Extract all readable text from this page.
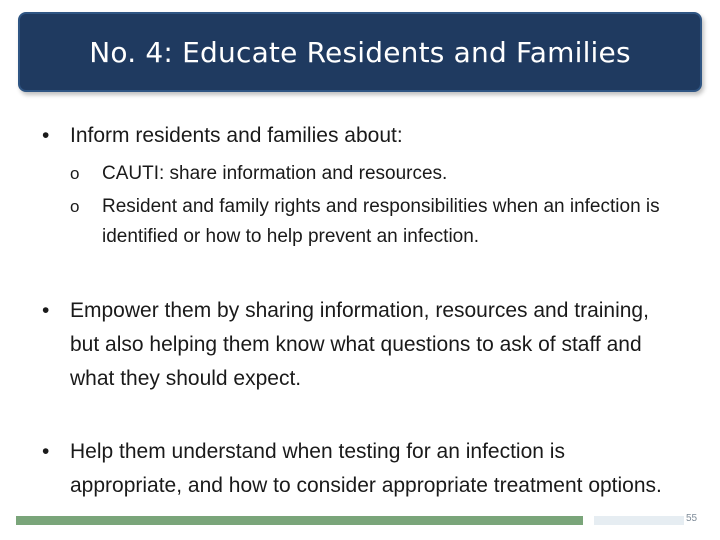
No. 4: Educate Residents and Families
• Inform residents and families about:
o CAUTI: share information and resources.
o Resident and family rights and responsibilities when an infection is identified or how to help prevent an infection.
• Empower them by sharing information, resources and training, but also helping them know what questions to ask of staff and what they should expect.
• Help them understand when testing for an infection is appropriate, and how to consider appropriate treatment options.
55
